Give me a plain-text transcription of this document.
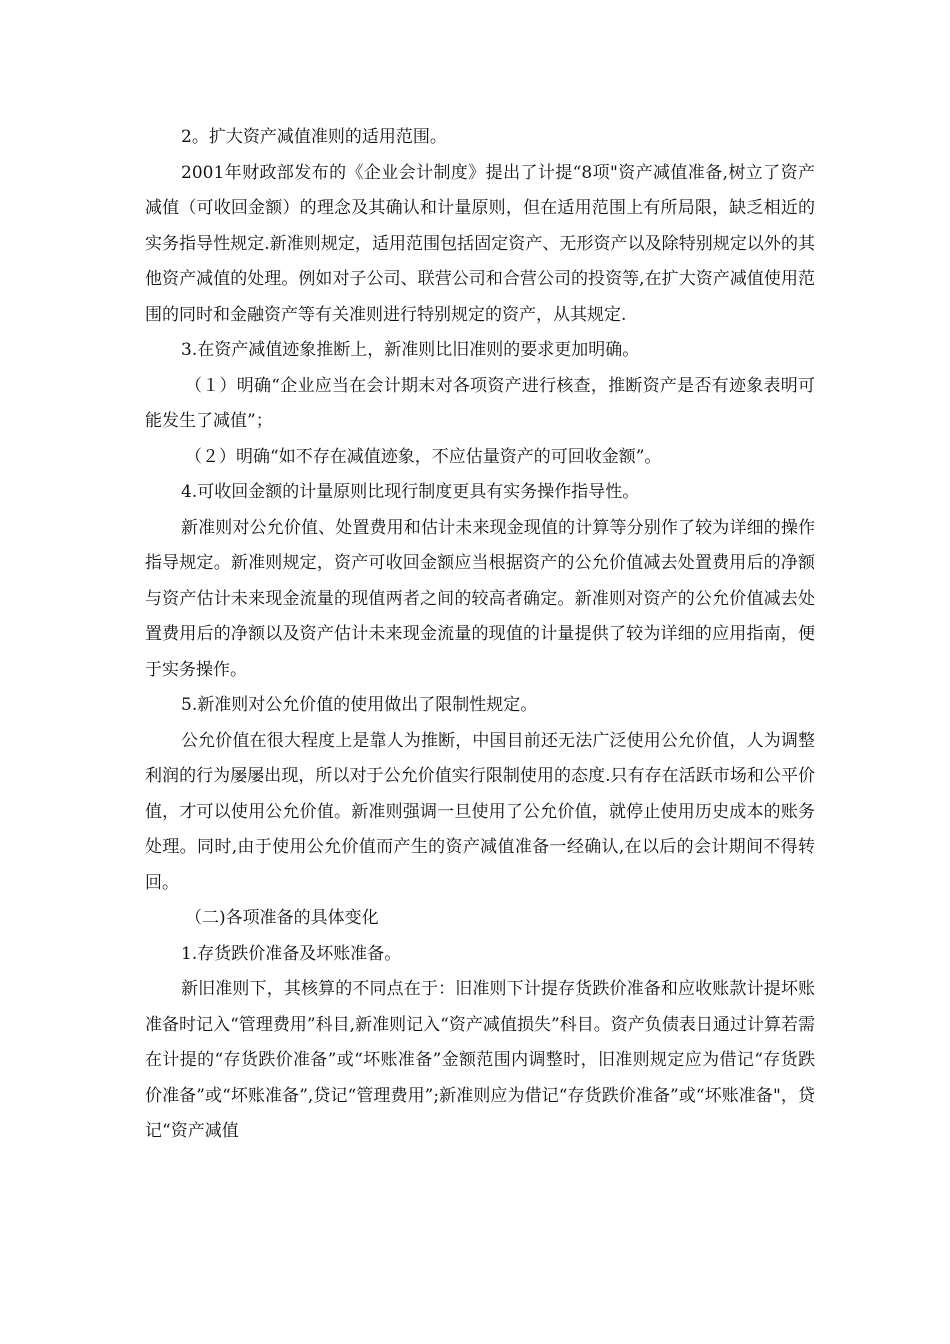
2。扩大资产减值准则的适用范围。

2001年财政部发布的《企业会计制度》提出了计提“8项"资产减值准备,树立了资产减值（可收回金额）的理念及其确认和计量原则，但在适用范围上有所局限，缺乏相近的实务指导性规定.新准则规定，适用范围包括固定资产、无形资产以及除特别规定以外的其他资产减值的处理。例如对子公司、联营公司和合营公司的投资等,在扩大资产减值使用范围的同时和金融资产等有关准则进行特别规定的资产，从其规定.

3.在资产减值迹象推断上，新准则比旧准则的要求更加明确。

（１）明确“企业应当在会计期末对各项资产进行核查，推断资产是否有迹象表明可能发生了减值”；

（２）明确“如不存在减值迹象，不应估量资产的可回收金额”。

4.可收回金额的计量原则比现行制度更具有实务操作指导性。

新准则对公允价值、处置费用和估计未来现金现值的计算等分别作了较为详细的操作指导规定。新准则规定，资产可收回金额应当根据资产的公允价值减去处置费用后的净额与资产估计未来现金流量的现值两者之间的较高者确定。新准则对资产的公允价值减去处置费用后的净额以及资产估计未来现金流量的现值的计量提供了较为详细的应用指南，便于实务操作。

5.新准则对公允价值的使用做出了限制性规定。

公允价值在很大程度上是靠人为推断，中国目前还无法广泛使用公允价值，人为调整利润的行为屡屡出现，所以对于公允价值实行限制使用的态度.只有存在活跃市场和公平价值，才可以使用公允价值。新准则强调一旦使用了公允价值，就停止使用历史成本的账务处理。同时,由于使用公允价值而产生的资产减值准备一经确认,在以后的会计期间不得转回。

（二)各项准备的具体变化

1.存货跌价准备及坏账准备。

新旧准则下，其核算的不同点在于：旧准则下计提存货跌价准备和应收账款计提坏账准备时记入“管理费用”科目,新准则记入“资产减值损失”科目。资产负债表日通过计算若需在计提的“存货跌价准备”或“坏账准备”金额范围内调整时，旧准则规定应为借记“存货跌价准备”或“坏账准备”,贷记“管理费用”;新准则应为借记“存货跌价准备”或“坏账准备"，贷记“资产减值
